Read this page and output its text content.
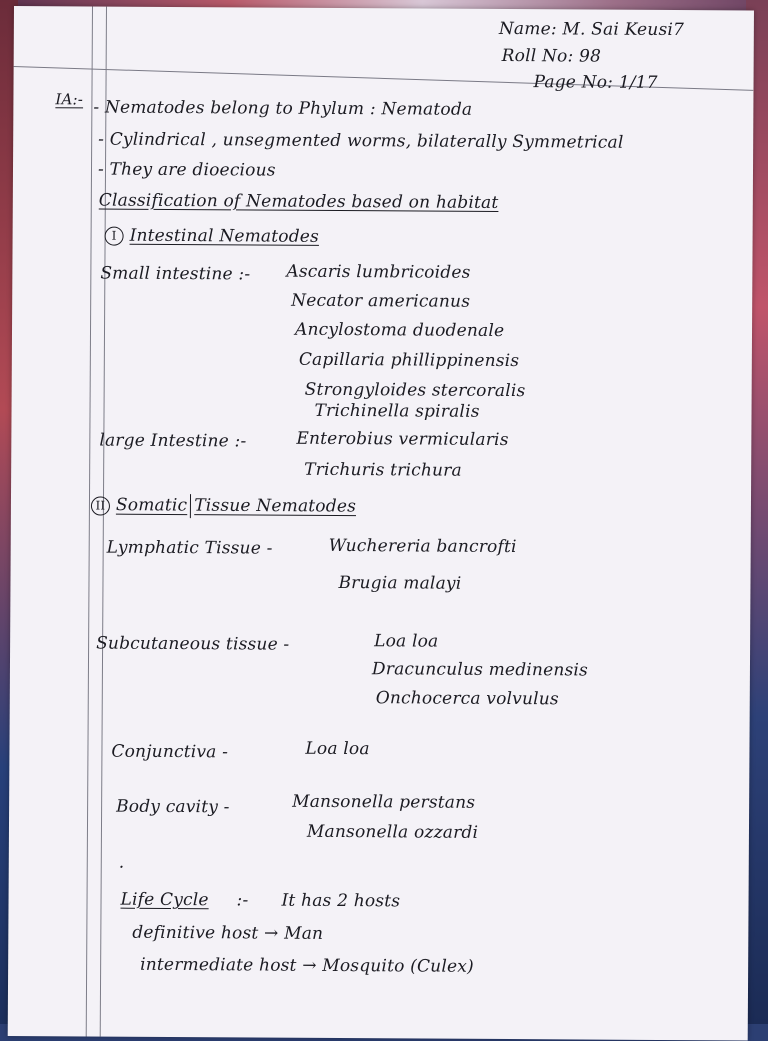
Name: M. Sai Keusi7
Roll No: 98
Page No: 1/17
IA:- - Nematodes belong to Phylum : Nematoda
- Cylindrical , unsegmented worms, bilaterally Symmetrical
- They are dioecious
Classification of Nematodes based on habitat
I Intestinal Nematodes
Small intestine :- Ascaris lumbricoides
Necator americanus
Ancylostoma duodenale
Capillaria phillippinensis
Strongyloides stercoralis
Trichinella spiralis
large Intestine :-	Enterobius vermicularis
Trichuris trichura
II Somatic Tissue Nematodes
Lymphatic Tissue -	Wuchereria bancrofti
Brugia malayi
Subcutaneous tissue -	Loa loa
Dracunculus medinensis
Onchocerca volvulus
Conjunctiva -	Loa loa
Body cavity -	Mansonella perstans
Mansonella ozzardi
.
Life Cycle :- It has 2 hosts
definitive host → Man
intermediate host → Mosquito (Culex)
